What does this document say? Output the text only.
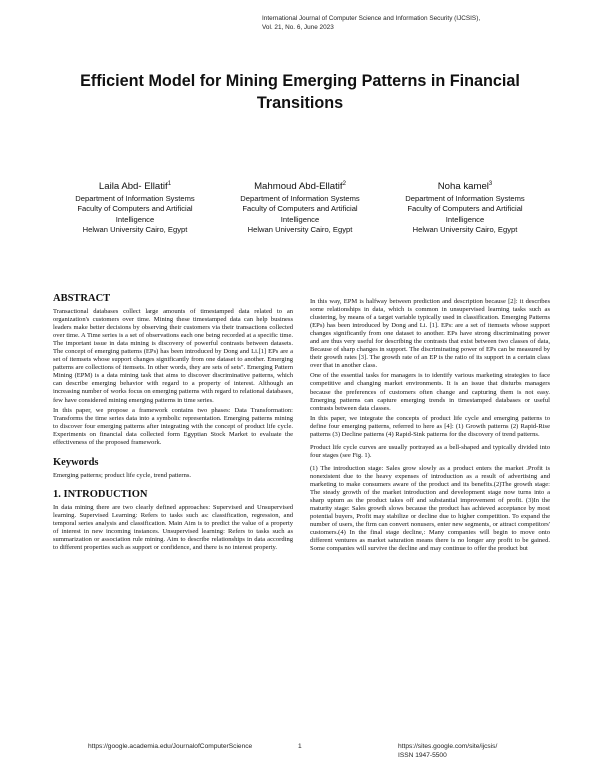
International Journal of Computer Science and Information Security (IJCSIS),
Vol. 21, No. 6, June 2023
Efficient Model for Mining Emerging Patterns in Financial
Transitions
Laila Abd- Ellatif$^1$
Department of Information Systems
Faculty of Computers and Artificial
Intelligence
Helwan University Cairo, Egypt
Mahmoud Abd-Ellatif$^2$
Department of Information Systems
Faculty of Computers and Artificial
Intelligence
Helwan University Cairo, Egypt
Noha kamel$^3$
Department of Information Systems
Faculty of Computers and Artificial
Intelligence
Helwan University Cairo, Egypt
ABSTRACT

Transactional databases collect large amounts of timestamped data related to an organization's customers over time. Mining these timestamped data can help business leaders make better decisions by observing their customers via their transactions collected over time. A Time series is a set of observations each one being recorded at a specific time. The important issue in data mining is discovery of powerful contrasts between datasets. The concept of emerging patterns (EPs) has been introduced by Dong and Li.[1] EPs are a set of itemsets whose support changes significantly from one dataset to another. Emerging patterns are collections of itemsets. In other words, they are sets of sets". Emerging Pattern Mining (EPM) is a data mining task that aims to discover discriminative patterns, which can describe emerging behavior with regard to a property of interest. Although an increasing number of works focus on emerging patterns with regard to relational databases, few have considered mining emerging patterns in time series.

In this paper, we propose a framework contains two phases: Data Transformation: Transforms the time series data into a symbolic representation. Emerging patterns mining to discover four emerging patterns after integrating with the concept of product life cycle. Experiments on financial data collected form Egyptian Stock Market to evaluate the effectiveness of the proposed framework.

Keywords

Emerging patterns; product life cycle, trend patterns.

1. INTRODUCTION

In data mining there are two clearly defined approaches: Supervised and Unsupervised learning. Supervised Learning: Refers to tasks such as: classification, regression, and temporal series analysis and classification. Main Aim is to predict the value of a property of interest in new incoming instances. Unsupervised learning: Refers to tasks such as summarization or association rule mining. Aim to describe relationships in data according to different properties such as support or confidence, and there is no interest property.

In this way, EPM is halfway between prediction and description because [2]: it describes some relationships in data, which is common in unsupervised learning tasks such as clustering, by means of a target variable typically used in classification. Emerging Patterns (EPs) has been introduced by Dong and Li. [1]. EPs: are a set of itemsets whose support changes significantly from one dataset to another. EPs have strong discriminating power and are thus very useful for describing the contrasts that exist between two classes of data, Because of sharp changes in support. The discriminating power of EPs can be measured by their growth rates [3]. The growth rate of an EP is the ratio of its support in a certain class over that in another class.

One of the essential tasks for managers is to identify various marketing strategies to face competitive and changing market environments. It is an issue that disturbs managers because the preferences of customers often change and capturing them is not easy. Emerging patterns can capture emerging trends in timestamped databases or useful contrasts between data classes.

In this paper, we integrate the concepts of product life cycle and emerging patterns to define four emerging patterns, referred to here as [4]: (1) Growth patterns (2) Rapid-Rise patterns (3) Decline patterns (4) Rapid-Sink patterns for the discovery of trend patterns.

Product life cycle curves are usually portrayed as a bell-shaped and typically divided into four stages (see Fig. 1).

(1) The introduction stage: Sales grow slowly as a product enters the market .Profit is nonexistent due to the heavy expenses of introduction as a result of advertising and marketing to make consumers aware of the product and its benefits.(2)The growth stage: The steady growth of the market introduction and development stage now turns into a sharp upturn as the product takes off and substantial improvement of profit. (3)In the maturity stage: Sales growth slows because the product has achieved acceptance by most potential buyers, Profit may stabilize or decline due to higher competition. To expand the number of users, the firm can convert nonusers, enter new segments, or attract competitors' customers.(4) In the final stage decline,: Many companies will begin to move onto different ventures as market saturation means there is no longer any profit to be gained. Some companies will survive the decline and may continue to offer the product but

https://google.academia.edu/JournalofComputerScience	1	https://sites.google.com/site/ijcsis/
ISSN 1947-5500
